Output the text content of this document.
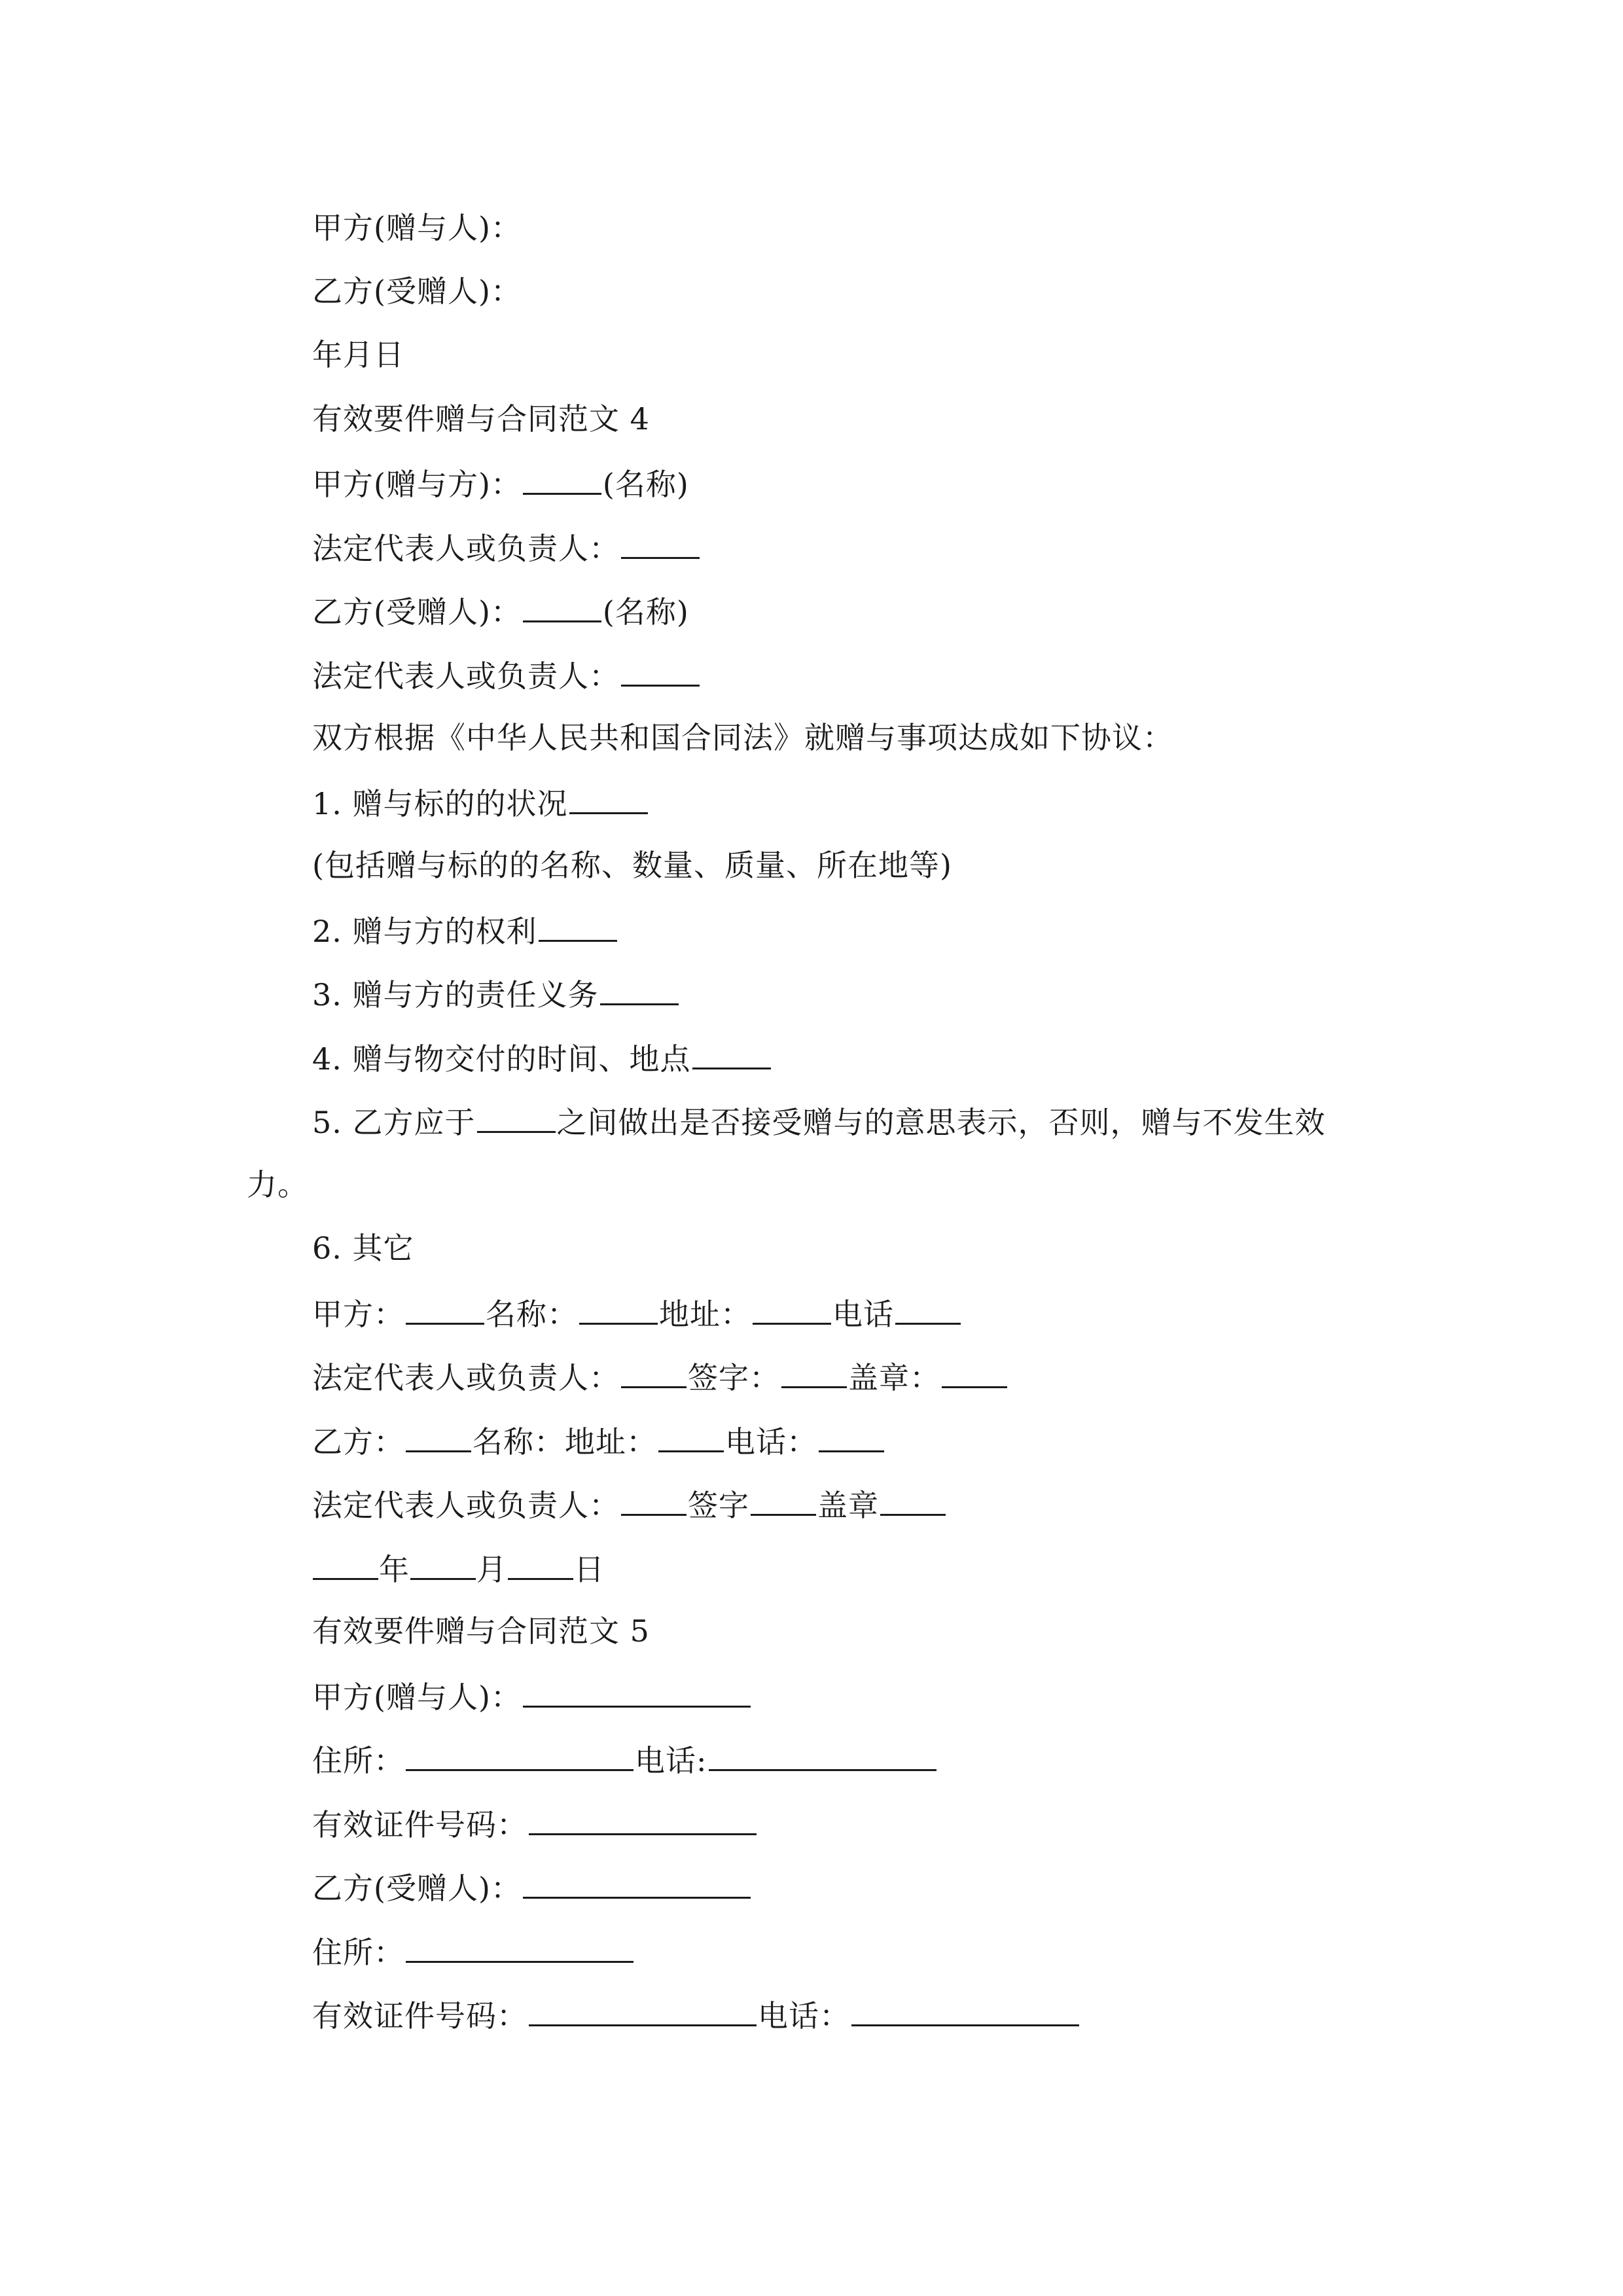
甲方(赠与人)：
乙方(受赠人)：
年月日
有效要件赠与合同范文 4
甲方(赠与方)：	(名称)
法定代表人或负责人：
乙方(受赠人)：	(名称)
法定代表人或负责人：
双方根据《中华人民共和国合同法》就赠与事项达成如下协议：
1. 赠与标的的状况
(包括赠与标的的名称、数量、质量、所在地等)
2. 赠与方的权利
3. 赠与方的责任义务
4. 赠与物交付的时间、地点
5. 乙方应于	之间做出是否接受赠与的意思表示，否则，赠与不发生效
力。
6. 其它
甲方：	名称：	地址：	电话
法定代表人或负责人： 签字： 盖章：
乙方： 名称：地址： 电话：
法定代表人或负责人： 签字 盖章
年 月 日
有效要件赠与合同范文 5
甲方(赠与人)：
住所：	电话:
有效证件号码：
乙方(受赠人)：
住所：
有效证件号码：	电话：
